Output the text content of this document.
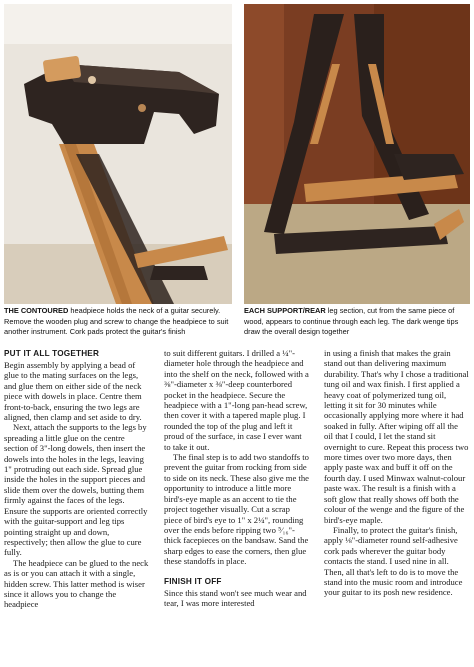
THE CONTOURED headpiece holds the neck of a guitar securely. Remove the wooden plug and screw to change the headpiece to suit another instrument. Cork pads protect the guitar's finish
EACH SUPPORT/REAR leg section, cut from the same piece of wood, appears to continue through each leg. The dark wenge tips draw the overall design together
PUT IT ALL TOGETHER

Begin assembly by applying a bead of glue to the mating surfaces on the legs, and glue them on either side of the neck piece with dowels in place. Centre them front-to-back, ensuring the two legs are aligned, then clamp and set aside to dry.

Next, attach the supports to the legs by spreading a little glue on the centre section of 3"-long dowels, then insert the dowels into the holes in the legs, leaving 1" protruding out each side. Spread glue inside the holes in the support pieces and slide them over the dowels, butting them firmly against the faces of the legs. Ensure the supports are oriented correctly with the guitar-support and leg tips pointing straight up and down, respectively; then allow the glue to cure fully.

The headpiece can be glued to the neck as is or you can attach it with a single, hidden screw. This latter method is wiser since it allows you to change the headpiece

to suit different guitars. I drilled a ¼"-diameter hole through the headpiece and into the shelf on the neck, followed with a ⅜"-diameter x ⅜"-deep counterbored pocket in the headpiece. Secure the headpiece with a 1"-long pan-head screw, then cover it with a tapered maple plug. I rounded the top of the plug and left it proud of the surface, in case I ever want to take it out.

The final step is to add two standoffs to prevent the guitar from rocking from side to side on its neck. These also give me the opportunity to introduce a little more bird's-eye maple as an accent to tie the project together visually. Cut a scrap piece of bird's eye to 1" x 2¼", rounding over the ends before ripping two ⁵⁄₁₆"-thick facepieces on the bandsaw. Sand the sharp edges to ease the corners, then glue these standoffs in place.

FINISH IT OFF

Since this stand won't see much wear and tear, I was more interested

in using a finish that makes the grain stand out than delivering maximum durability. That's why I chose a traditional tung oil and wax finish. I first applied a heavy coat of polymerized tung oil, letting it sit for 30 minutes while occasionally applying more where it had soaked in fully. After wiping off all the oil that I could, I let the stand sit overnight to cure. Repeat this process two more times over two more days, then apply paste wax and buff it off on the fourth day. I used Minwax walnut-colour paste wax. The result is a finish with a soft glow that really shows off both the colour of the wenge and the figure of the bird's-eye maple.

Finally, to protect the guitar's finish, apply ⅛"-diameter round self-adhesive cork pads wherever the guitar body contacts the stand. I used nine in all. Then, all that's left to do is to move the stand into the music room and introduce your guitar to its posh new residence.
